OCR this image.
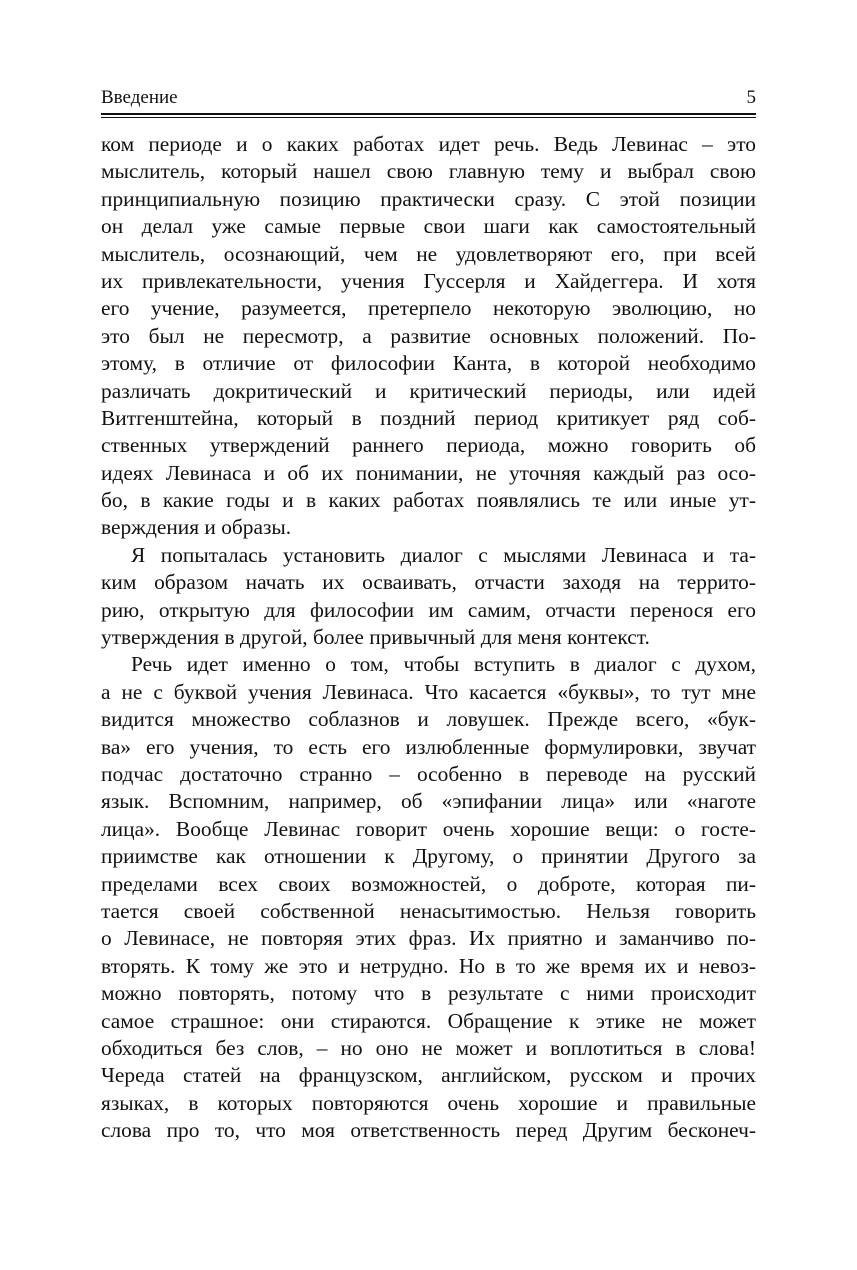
Введение	5
ком периоде и о каких работах идет речь. Ведь Левинас – это
мыслитель, который нашел свою главную тему и выбрал свою
принципиальную позицию практически сразу. С этой позиции
он делал уже самые первые свои шаги как самостоятельный
мыслитель, осознающий, чем не удовлетворяют его, при всей
их привлекательности, учения Гуссерля и Хайдеггера. И хотя
его учение, разумеется, претерпело некоторую эволюцию, но
это был не пересмотр, а развитие основных положений. По-
этому, в отличие от философии Канта, в которой необходимо
различать докритический и критический периоды, или идей
Витгенштейна, который в поздний период критикует ряд соб-
ственных утверждений раннего периода, можно говорить об
идеях Левинаса и об их понимании, не уточняя каждый раз осо-
бо, в какие годы и в каких работах появлялись те или иные ут-
верждения и образы.
Я попыталась установить диалог с мыслями Левинаса и та-
ким образом начать их осваивать, отчасти заходя на террито-
рию, открытую для философии им самим, отчасти перенося его
утверждения в другой, более привычный для меня контекст.
Речь идет именно о том, чтобы вступить в диалог с духом,
а не с буквой учения Левинаса. Что касается «буквы», то тут мне
видится множество соблазнов и ловушек. Прежде всего, «бук-
ва» его учения, то есть его излюбленные формулировки, звучат
подчас достаточно странно – особенно в переводе на русский
язык. Вспомним, например, об «эпифании лица» или «наготе
лица». Вообще Левинас говорит очень хорошие вещи: о госте-
приимстве как отношении к Другому, о принятии Другого за
пределами всех своих возможностей, о доброте, которая пи-
тается своей собственной ненасытимостью. Нельзя говорить
о Левинасе, не повторяя этих фраз. Их приятно и заманчиво по-
вторять. К тому же это и нетрудно. Но в то же время их и невоз-
можно повторять, потому что в результате с ними происходит
самое страшное: они стираются. Обращение к этике не может
обходиться без слов, – но оно не может и воплотиться в слова!
Череда статей на французском, английском, русском и прочих
языках, в которых повторяются очень хорошие и правильные
слова про то, что моя ответственность перед Другим бесконеч-
